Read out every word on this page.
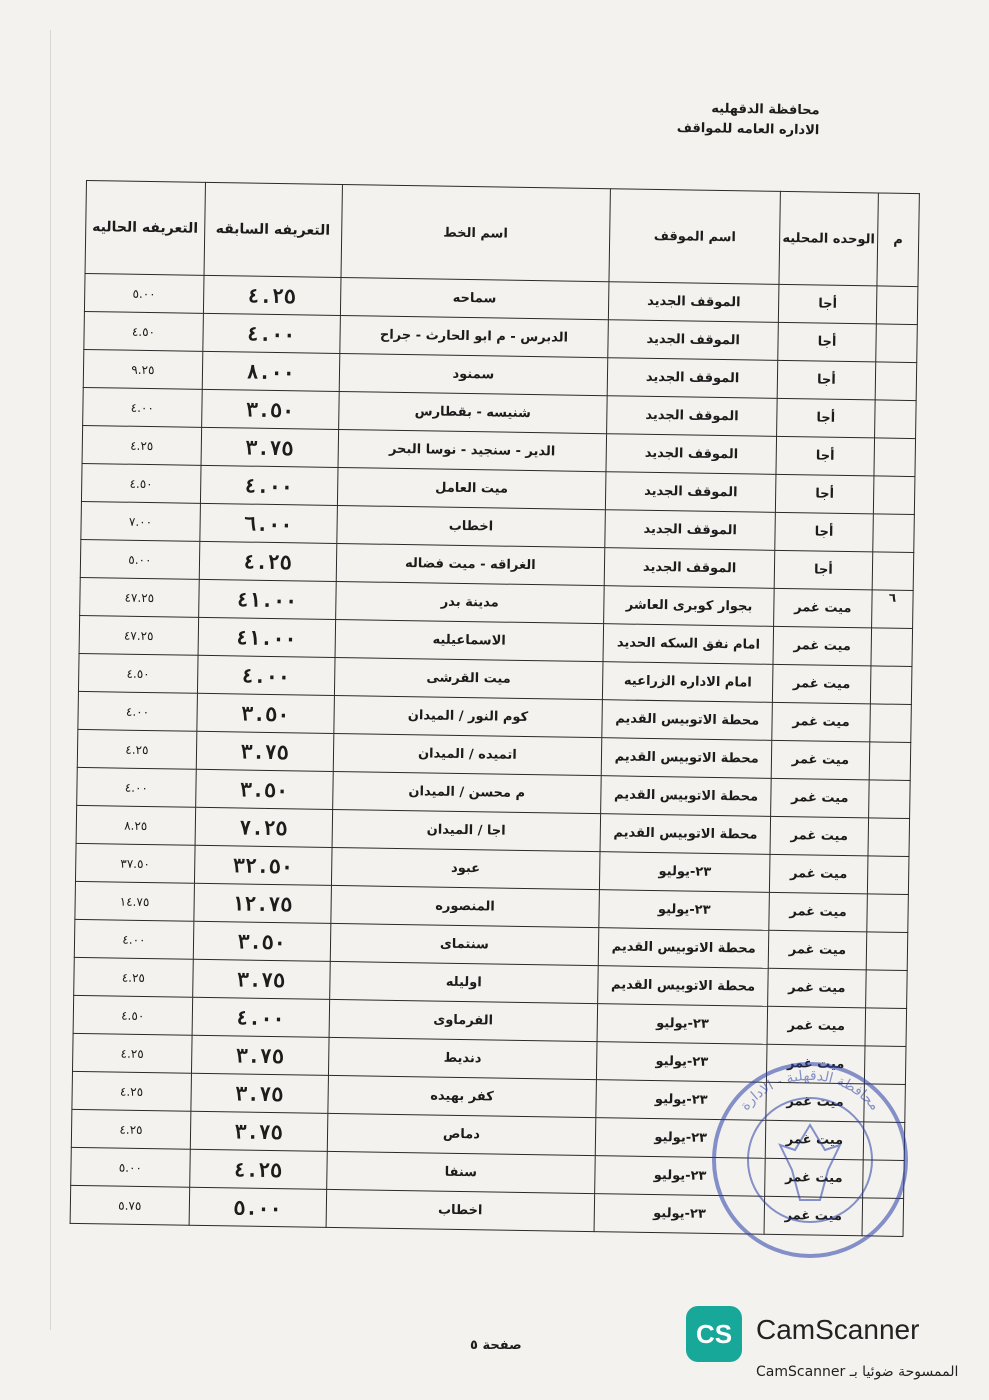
محافظة الدقهليه
الاداره العامه للمواقف
م	الوحده المحليه	اسم الموقف	اسم الخط	التعريفه السابقه	التعريفه الحاليه
	أجا	الموقف الجديد	سماحه	٤.٢٥	٥.٠٠
	أجا	الموقف الجديد	الدبرس - م ابو الحارث - جراح	٤.٠٠	٤.٥٠
	أجا	الموقف الجديد	سمنود	٨.٠٠	٩.٢٥
	أجا	الموقف الجديد	شنيسه - بقطارس	٣.٥٠	٤.٠٠
	أجا	الموقف الجديد	الدير - سنجيد - نوسا البحر	٣.٧٥	٤.٢٥
	أجا	الموقف الجديد	ميت العامل	٤.٠٠	٤.٥٠
	أجا	الموقف الجديد	اخطاب	٦.٠٠	٧.٠٠
	أجا	الموقف الجديد	الغراقه - ميت فضاله	٤.٢٥	٥.٠٠
٦	ميت غمر	بجوار كوبرى العاشر	مدينة بدر	٤١.٠٠	٤٧.٢٥
	ميت غمر	امام نفق السكه الحديد	الاسماعيليه	٤١.٠٠	٤٧.٢٥
	ميت غمر	امام الاداره الزراعيه	ميت القرشى	٤.٠٠	٤.٥٠
	ميت غمر	محطة الاتوبيس القديم	كوم النور / الميدان	٣.٥٠	٤.٠٠
	ميت غمر	محطة الاتوبيس القديم	اتميده / الميدان	٣.٧٥	٤.٢٥
	ميت غمر	محطة الاتوبيس القديم	م محسن / الميدان	٣.٥٠	٤.٠٠
	ميت غمر	محطة الاتوبيس القديم	اجا / الميدان	٧.٢٥	٨.٢٥
	ميت غمر	٢٣-يوليو	عبود	٣٢.٥٠	٣٧.٥٠
	ميت غمر	٢٣-يوليو	المنصوره	١٢.٧٥	١٤.٧٥
	ميت غمر	محطة الاتوبيس القديم	سنتماى	٣.٥٠	٤.٠٠
	ميت غمر	محطة الاتوبيس القديم	اوليله	٣.٧٥	٤.٢٥
	ميت غمر	٢٣-يوليو	الفرماوى	٤.٠٠	٤.٥٠
	ميت غمر	٢٣-يوليو	دنديط	٣.٧٥	٤.٢٥
	ميت غمر	٢٣-يوليو	كفر بهيده	٣.٧٥	٤.٢٥
	ميت غمر	٢٣-يوليو	دماص	٣.٧٥	٤.٢٥
	ميت غمر	٢٣-يوليو	سنفا	٤.٢٥	٥.٠٠
	ميت غمر	٢٣-يوليو	اخطاب	٥.٠٠	٥.٧٥
محافظة الدقهلية - الادارة
صفحة ٥	CS CamScanner
الممسوحة ضوئيا بـ CamScanner
